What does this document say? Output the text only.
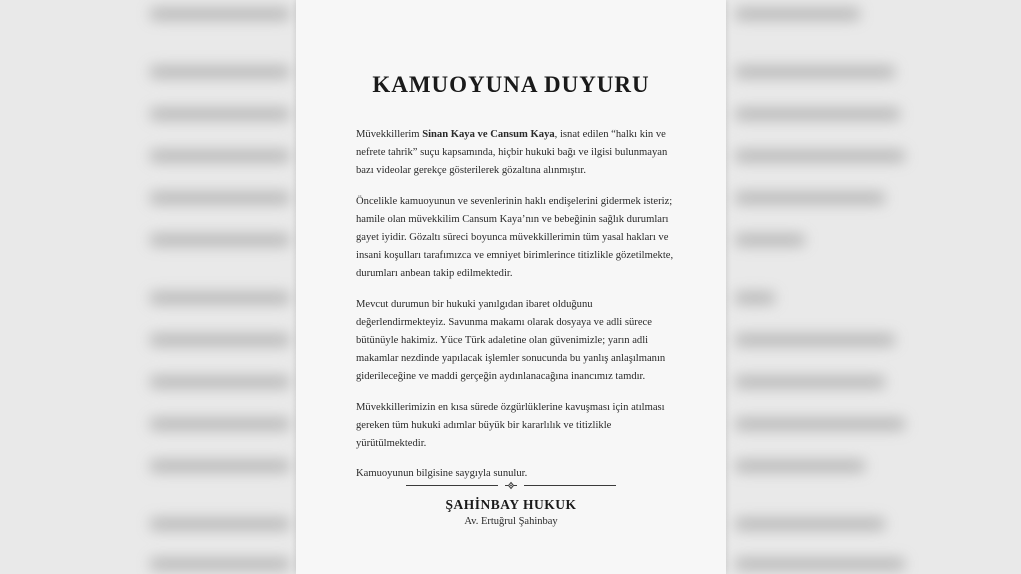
KAMUOYUNA DUYURU

Müvekkillerim Sinan Kaya ve Cansum Kaya, isnat edilen “halkı kin ve nefrete tahrik” suçu kapsamında, hiçbir hukuki bağı ve ilgisi bulunmayan bazı videolar gerekçe gösterilerek gözaltına alınmıştır.

Öncelikle kamuoyunun ve sevenlerinin haklı endişelerini gidermek isteriz; hamile olan müvekkilim Cansum Kaya’nın ve bebeğinin sağlık durumları gayet iyidir. Gözaltı süreci boyunca müvekkillerimin tüm yasal hakları ve insani koşulları tarafımızca ve emniyet birimlerince titizlikle gözetilmekte, durumları anbean takip edilmektedir.

Mevcut durumun bir hukuki yanılgıdan ibaret olduğunu değerlendirmekteyiz. Savunma makamı olarak dosyaya ve adli sürece bütünüyle hakimiz. Yüce Türk adaletine olan güvenimizle; yarın adli makamlar nezdinde yapılacak işlemler sonucunda bu yanlış anlaşılmanın giderileceğine ve maddi gerçeğin aydınlanacağına inancımız tamdır.

Müvekkillerimizin en kısa sürede özgürlüklerine kavuşması için atılması gereken tüm hukuki adımlar büyük bir kararlılık ve titizlikle yürütülmektedir.

Kamuoyunun bilgisine saygıyla sunulur.

ŞAHİNBAY HUKUK
Av. Ertuğrul Şahinbay
